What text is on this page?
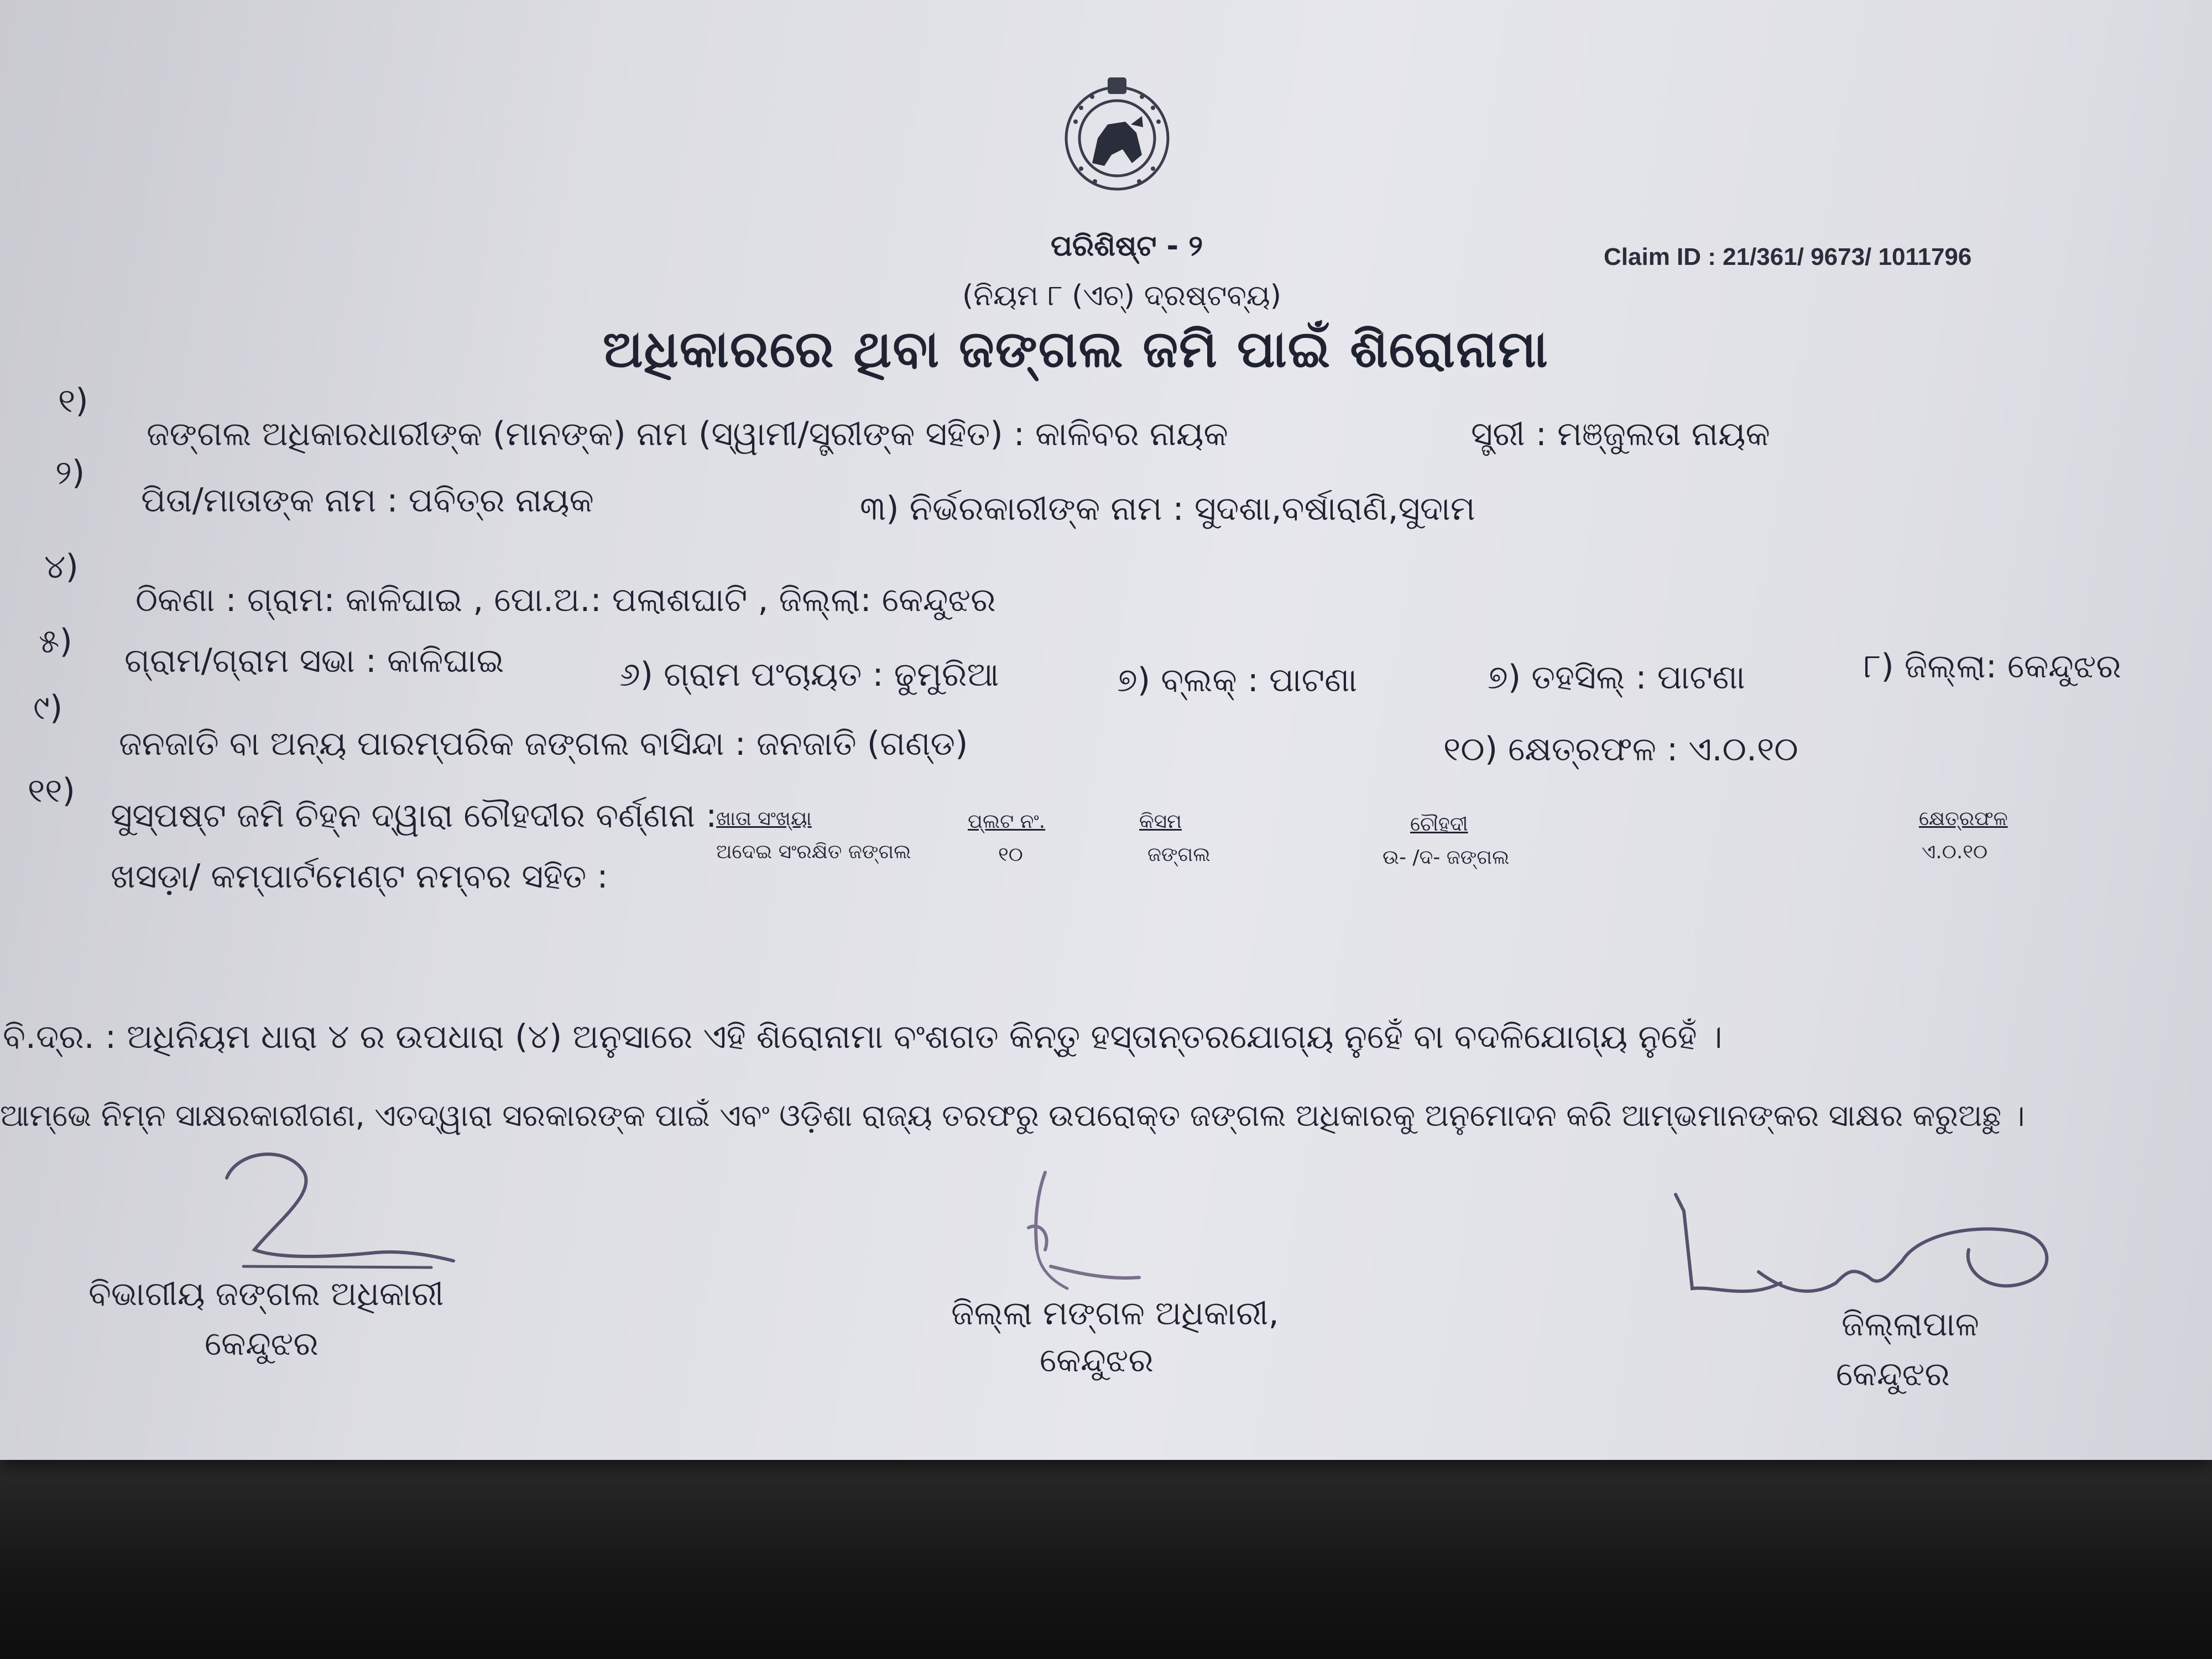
ପରିଶିଷ୍ଟ - ୨
(ନିୟମ ୮ (ଏଚ୍) ଦ୍ରଷ୍ଟବ୍ୟ)
Claim ID : 21/361/ 9673/ 1011796
ଅଧିକାରରେ ଥିବା ଜଙ୍ଗଲ ଜମି ପାଇଁ ଶିରୋନାମା
୧)
ଜଙ୍ଗଲ ଅଧିକାରଧାରୀଙ୍କ (ମାନଙ୍କ) ନାମ (ସ୍ୱାମୀ/ସ୍ତ୍ରୀଙ୍କ ସହିତ) : କାଳିବର ନାୟକ	ସ୍ତ୍ରୀ : ମଞ୍ଜୁଲତା ନାୟକ
୨)
ପିତା/ମାତାଙ୍କ ନାମ : ପବିତ୍ର ନାୟକ	୩) ନିର୍ଭରକାରୀଙ୍କ ନାମ : ସୁଦଶା,ବର୍ଷାରାଣି,ସୁଦାମ
୪)
ଠିକଣା : ଗ୍ରାମ: କାଳିଘାଇ , ପୋ.ଅ.: ପଲାଶଘାଟି , ଜିଲ୍ଲା: କେନ୍ଦୁଝର
୫) ଗ୍ରାମ/ଗ୍ରାମ ସଭା : କାଳିଘାଇ	୬) ଗ୍ରାମ ପଂଚାୟତ : ଢୁମୁରିଆ	୭) ବ୍ଲକ୍ : ପାଟଣା	୭) ତହସିଲ୍ : ପାଟଣା	୮) ଜିଲ୍ଲା: କେନ୍ଦୁଝର
୯)
ଜନଜାତି ବା ଅନ୍ୟ ପାରମ୍ପରିକ ଜଙ୍ଗଲ ବାସିନ୍ଦା : ଜନଜାତି (ଗଣ୍ଡ)	୧୦) କ୍ଷେତ୍ରଫଳ : ଏ.୦.୧୦
୧୧)
ସୁସ୍ପଷ୍ଟ ଜମି ଚିହ୍ନ ଦ୍ୱାରା ଚୌହଦୀର ବର୍ଣ୍ଣନା :
ଖସଡ଼ା/ କମ୍ପାର୍ଟମେଣ୍ଟ ନମ୍ବର ସହିତ :
ଖାତା ସଂଖ୍ୟା	ପ୍ଲଟ ନଂ.	କିସମ	ଚୌହଦୀ	କ୍ଷେତ୍ରଫଳ
ଅଦେଇ ସଂରକ୍ଷିତ ଜଙ୍ଗଲ	୧୦	ଜଙ୍ଗଲ	ଉ- /ଦ- ଜଙ୍ଗଲ	ଏ.୦.୧୦
ବି.ଦ୍ର. : ଅଧିନିୟମ ଧାରା ୪ ର ଉପଧାରା (୪) ଅନୁସାରେ ଏହି ଶିରୋନାମା ବଂଶଗତ କିନ୍ତୁ ହସ୍ତାନ୍ତରଯୋଗ୍ୟ ନୁହେଁ ବା ବଦଳିଯୋଗ୍ୟ ନୁହେଁ ।
ଆମ୍ଭେ ନିମ୍ନ ସାକ୍ଷରକାରୀଗଣ, ଏତଦ୍ୱାରା ସରକାରଙ୍କ ପାଇଁ ଏବଂ ଓଡ଼ିଶା ରାଜ୍ୟ ତରଫରୁ ଉପରୋକ୍ତ ଜଙ୍ଗଲ ଅଧିକାରକୁ ଅନୁମୋଦନ କରି ଆମ୍ଭମାନଙ୍କର ସାକ୍ଷର କରୁଅଛୁ ।
ବିଭାଗୀୟ ଜଙ୍ଗଲ ଅଧିକାରୀ
କେନ୍ଦୁଝର
ଜିଲ୍ଲା ମଙ୍ଗଳ ଅଧିକାରୀ,
କେନ୍ଦୁଝର
ଜିଲ୍ଲାପାଳ
କେନ୍ଦୁଝର
